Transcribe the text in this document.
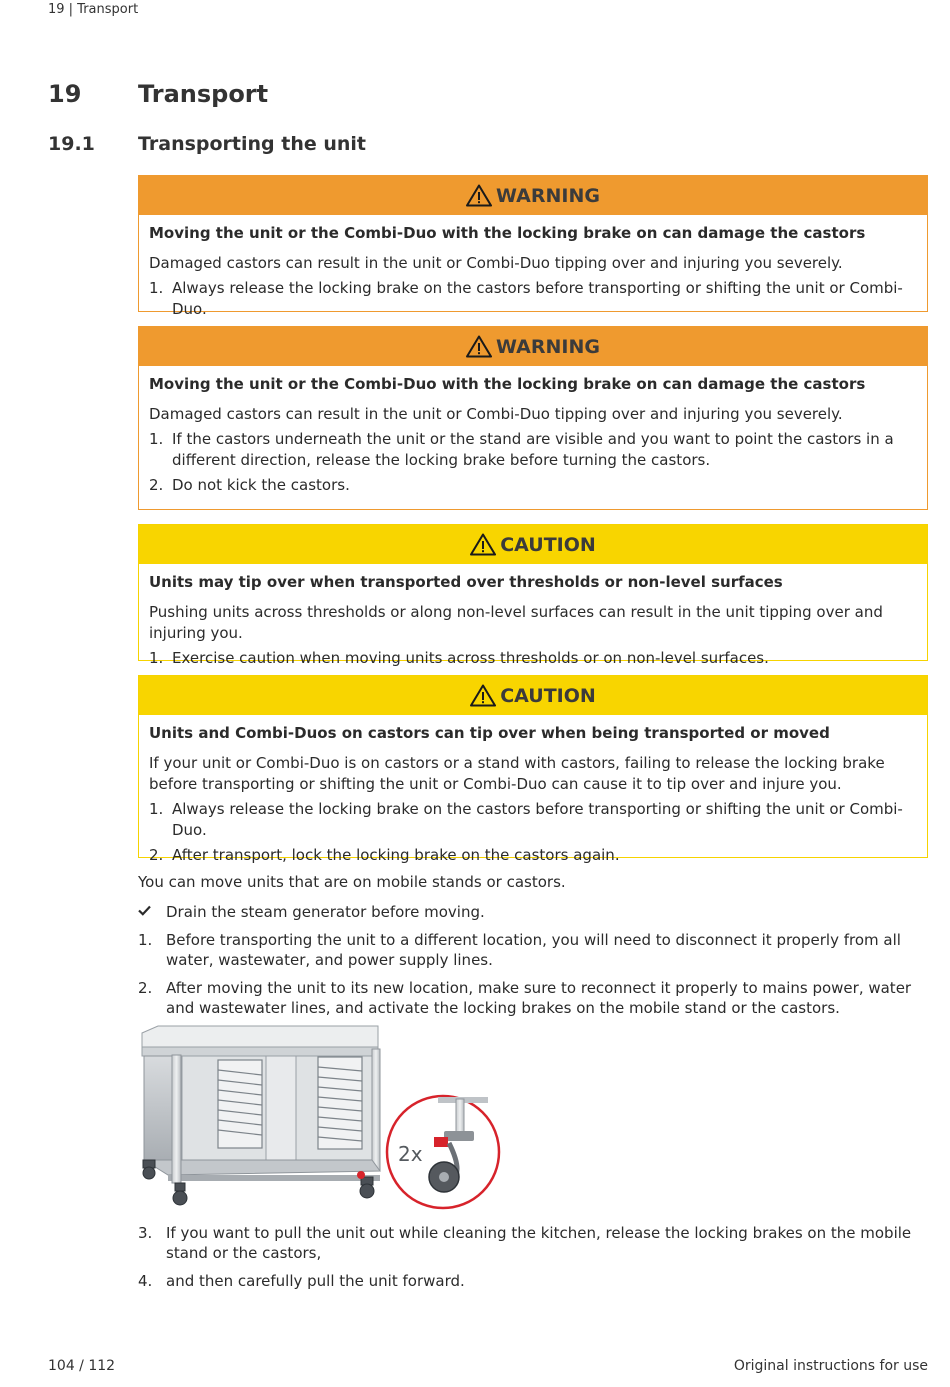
19 | Transport
19 Transport
19.1 Transporting the unit
WARNING
Moving the unit or the Combi-Duo with the locking brake on can damage the castors
Damaged castors can result in the unit or Combi-Duo tipping over and injuring you severely.
1. Always release the locking brake on the castors before transporting or shifting the unit or Combi-Duo.
WARNING
Moving the unit or the Combi-Duo with the locking brake on can damage the castors
Damaged castors can result in the unit or Combi-Duo tipping over and injuring you severely.
1. If the castors underneath the unit or the stand are visible and you want to point the castors in a different direction, release the locking brake before turning the castors.
2. Do not kick the castors.
CAUTION
Units may tip over when transported over thresholds or non-level surfaces
Pushing units across thresholds or along non-level surfaces can result in the unit tipping over and injuring you.
1. Exercise caution when moving units across thresholds or on non-level surfaces.
CAUTION
Units and Combi-Duos on castors can tip over when being transported or moved
If your unit or Combi-Duo is on castors or a stand with castors, failing to release the locking brake before transporting or shifting the unit or Combi-Duo can cause it to tip over and injure you.
1. Always release the locking brake on the castors before transporting or shifting the unit or Combi-Duo.
2. After transport, lock the locking brake on the castors again.
You can move units that are on mobile stands or castors.
Drain the steam generator before moving.
1. Before transporting the unit to a different location, you will need to disconnect it properly from all water, wastewater, and power supply lines.
2. After moving the unit to its new location, make sure to reconnect it properly to mains power, water and wastewater lines, and activate the locking brakes on the mobile stand or the castors.
2x
3. If you want to pull the unit out while cleaning the kitchen, release the locking brakes on the mobile stand or the castors,
4. and then carefully pull the unit forward.
104 / 112	Original instructions for use
